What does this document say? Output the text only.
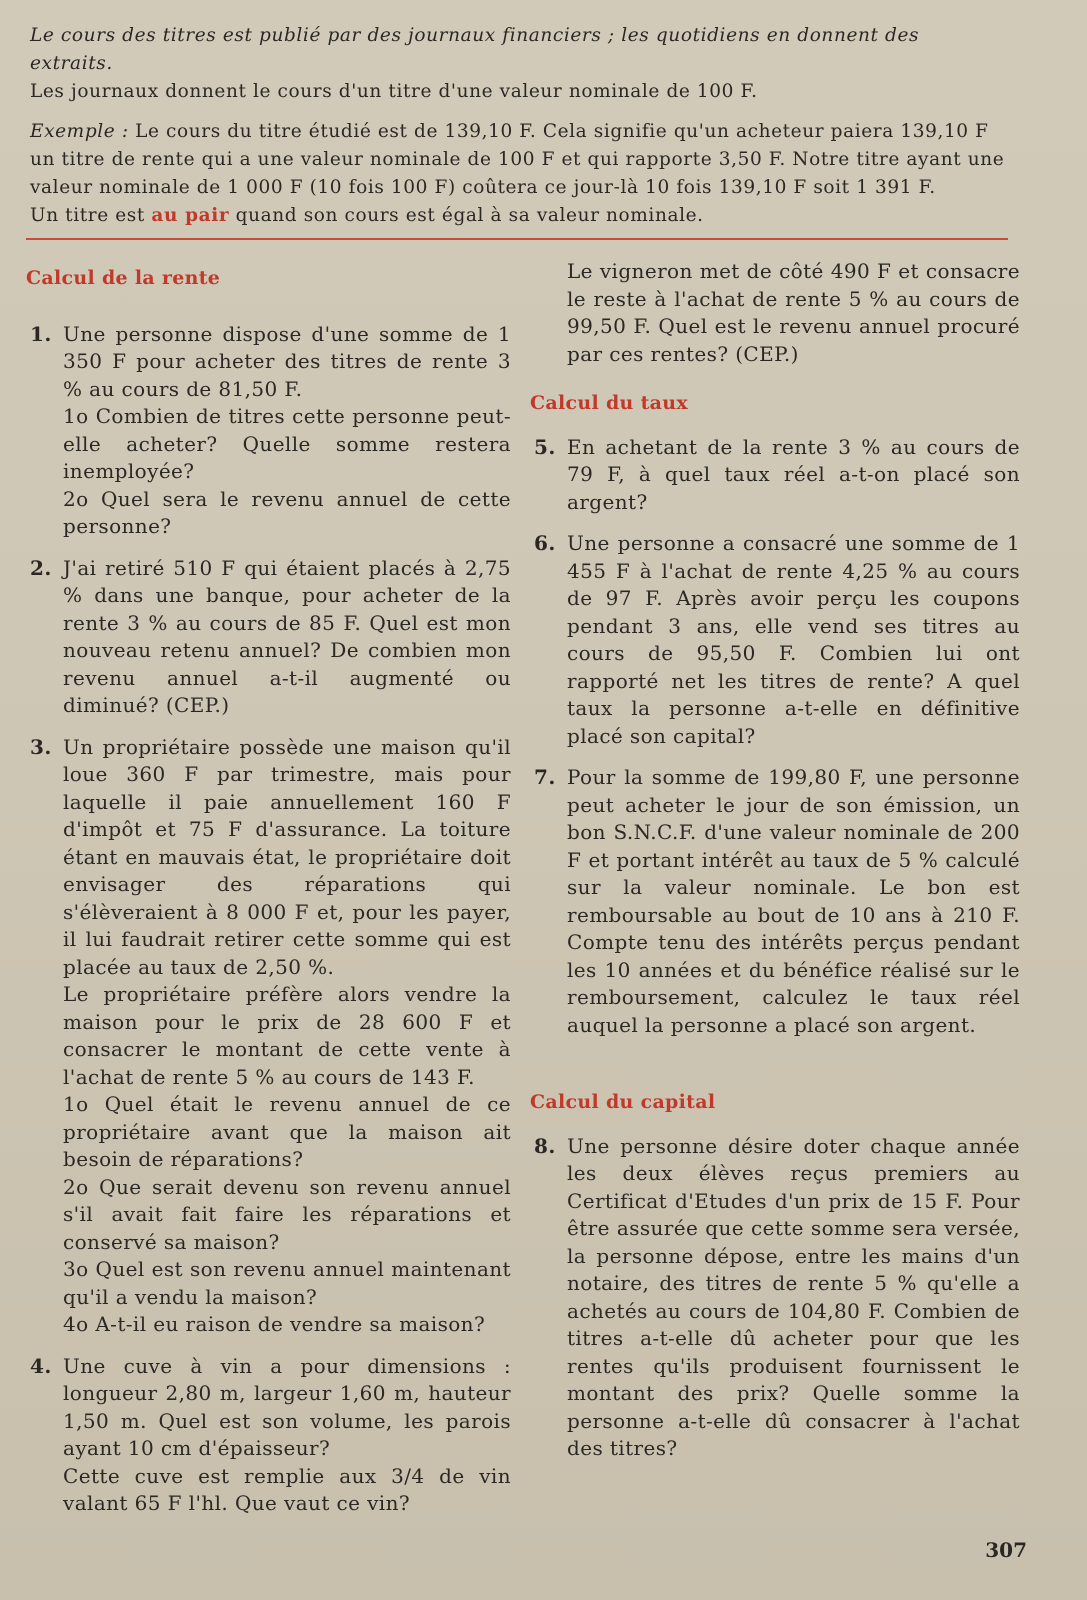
Le cours des titres est publié par des journaux financiers ; les quotidiens en donnent des extraits.

Les journaux donnent le cours d'un titre d'une valeur nominale de 100 F.

Exemple : Le cours du titre étudié est de 139,10 F. Cela signifie qu'un acheteur paiera 139,10 F un titre de rente qui a une valeur nominale de 100 F et qui rapporte 3,50 F. Notre titre ayant une valeur nominale de 1 000 F (10 fois 100 F) coûtera ce jour-là 10 fois 139,10 F soit 1 391 F.

Un titre est au pair quand son cours est égal à sa valeur nominale.

Calcul de la rente
1. Une personne dispose d'une somme de 1 350 F pour acheter des titres de rente 3 % au cours de 81,50 F.

1o Combien de titres cette personne peut-elle acheter? Quelle somme restera inemployée?

2o Quel sera le revenu annuel de cette personne?

2. J'ai retiré 510 F qui étaient placés à 2,75 % dans une banque, pour acheter de la rente 3 % au cours de 85 F. Quel est mon nouveau retenu annuel? De combien mon revenu annuel a-t-il augmenté ou diminué? (CEP.)

3. Un propriétaire possède une maison qu'il loue 360 F par trimestre, mais pour laquelle il paie annuellement 160 F d'impôt et 75 F d'assurance. La toiture étant en mauvais état, le propriétaire doit envisager des réparations qui s'élèveraient à 8 000 F et, pour les payer, il lui faudrait retirer cette somme qui est placée au taux de 2,50 %.

Le propriétaire préfère alors vendre la maison pour le prix de 28 600 F et consacrer le montant de cette vente à l'achat de rente 5 % au cours de 143 F.

1o Quel était le revenu annuel de ce propriétaire avant que la maison ait besoin de réparations?

2o Que serait devenu son revenu annuel s'il avait fait faire les réparations et conservé sa maison?

3o Quel est son revenu annuel maintenant qu'il a vendu la maison?

4o A-t-il eu raison de vendre sa maison?

4. Une cuve à vin a pour dimensions : longueur 2,80 m, largeur 1,60 m, hauteur 1,50 m. Quel est son volume, les parois ayant 10 cm d'épaisseur?

Cette cuve est remplie aux 3/4 de vin valant 65 F l'hl. Que vaut ce vin?

Le vigneron met de côté 490 F et consacre le reste à l'achat de rente 5 % au cours de 99,50 F. Quel est le revenu annuel procuré par ces rentes? (CEP.)

Calcul du taux
5. En achetant de la rente 3 % au cours de 79 F, à quel taux réel a-t-on placé son argent?

6. Une personne a consacré une somme de 1 455 F à l'achat de rente 4,25 % au cours de 97 F. Après avoir perçu les coupons pendant 3 ans, elle vend ses titres au cours de 95,50 F. Combien lui ont rapporté net les titres de rente? A quel taux la personne a-t-elle en définitive placé son capital?

7. Pour la somme de 199,80 F, une personne peut acheter le jour de son émission, un bon S.N.C.F. d'une valeur nominale de 200 F et portant intérêt au taux de 5 % calculé sur la valeur nominale. Le bon est remboursable au bout de 10 ans à 210 F. Compte tenu des intérêts perçus pendant les 10 années et du bénéfice réalisé sur le remboursement, calculez le taux réel auquel la personne a placé son argent.

Calcul du capital
8. Une personne désire doter chaque année les deux élèves reçus premiers au Certificat d'Etudes d'un prix de 15 F. Pour être assurée que cette somme sera versée, la personne dépose, entre les mains d'un notaire, des titres de rente 5 % qu'elle a achetés au cours de 104,80 F. Combien de titres a-t-elle dû acheter pour que les rentes qu'ils produisent fournissent le montant des prix? Quelle somme la personne a-t-elle dû consacrer à l'achat des titres?

307
